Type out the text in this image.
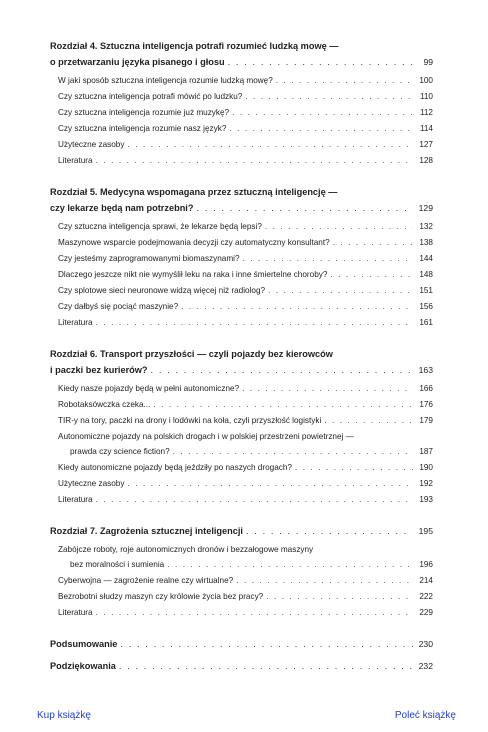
Rozdział 4. Sztuczna inteligencja potrafi rozumieć ludzką mowę —
o przetwarzaniu języka pisanego i głosu . . .	99
W jaki sposób sztuczna inteligencja rozumie ludzką mowę? . . .	100
Czy sztuczna inteligencja potrafi mówić po ludzku? . . .	110
Czy sztuczna inteligencja rozumie już muzykę? . . .	112
Czy sztuczna inteligencja rozumie nasz język? . . .	114
Użyteczne zasoby . . .	127
Literatura . . .	128
Rozdział 5. Medycyna wspomagana przez sztuczną inteligencję —
czy lekarze będą nam potrzebni? . . .	129
Czy sztuczna inteligencja sprawi, że lekarze będą lepsi? . . .	132
Maszynowe wsparcie podejmowania decyzji czy automatyczny konsultant? . . .	138
Czy jesteśmy zaprogramowanymi biomaszynami? . . .	144
Dlaczego jeszcze nikt nie wymyślił leku na raka i inne śmiertelne choroby? . . .	148
Czy splotowe sieci neuronowe widzą więcej niż radiolog? . . .	151
Czy dałbyś się pociąć maszynie? . . .	156
Literatura . . .	161
Rozdział 6. Transport przyszłości — czyli pojazdy bez kierowców
i paczki bez kurierów? . . .	163
Kiedy nasze pojazdy będą w pełni autonomiczne? . . .	166
Robotaksówczka czeka... . . .	176
TIR-y na tory, paczki na drony i lodówki na koła, czyli przyszłość logistyki . . .	179
Autonomiczne pojazdy na polskich drogach i w polskiej przestrzeni powietrznej —
prawda czy science fiction? . . .	187
Kiedy autonomiczne pojazdy będą jeździły po naszych drogach? . . .	190
Użyteczne zasoby . . .	192
Literatura . . .	193
Rozdział 7. Zagrożenia sztucznej inteligencji . . .	195
Zabójcze roboty, roje autonomicznych dronów i bezzałogowe maszyny
bez moralności i sumienia . . .	196
Cyberwojna — zagrożenie realne czy wirtualne? . . .	214
Bezrobotni słudzy maszyn czy królowie życia bez pracy? . . .	222
Literatura . . .	229
Podsumowanie . . .	230
Podziękowania . . .	232
Kup książkę	Poleć książkę
